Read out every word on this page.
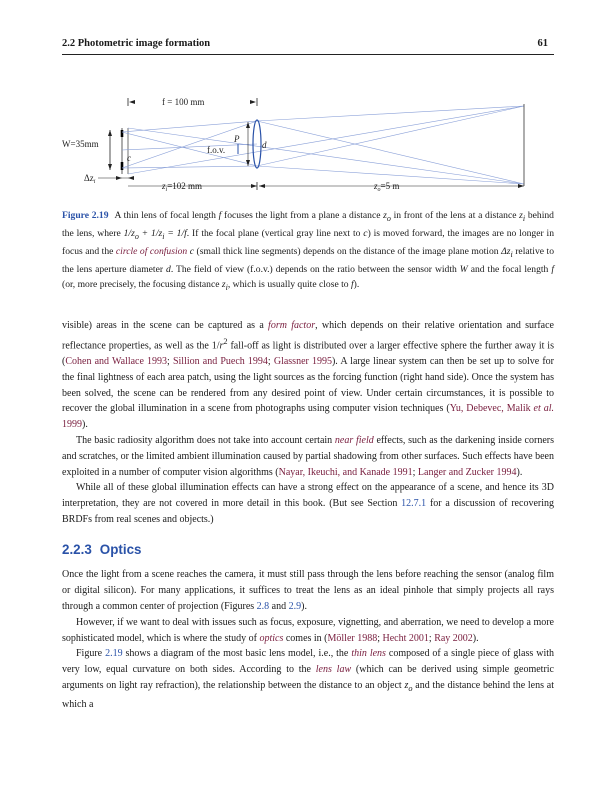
2.2 Photometric image formation	61
f = 100 mm
W=35mm
c
f.o.v.
P
d
$\Delta z_i$	$z_i=102$ mm	$z_o=5$ m
Figure 2.19 A thin lens of focal length f focuses the light from a plane a distance $z_o$ in front of the lens at a distance $z_i$ behind the lens, where $1/z_o + 1/z_i = 1/f$. If the focal plane (vertical gray line next to c) is moved forward, the images are no longer in focus and the circle of confusion c (small thick line segments) depends on the distance of the image plane motion $\Delta z_i$ relative to the lens aperture diameter d. The field of view (f.o.v.) depends on the ratio between the sensor width W and the focal length f (or, more precisely, the focusing distance $z_i$, which is usually quite close to f).

visible) areas in the scene can be captured as a form factor, which depends on their relative orientation and surface reflectance properties, as well as the $1/r^2$ fall-off as light is distributed over a larger effective sphere the further away it is (Cohen and Wallace 1993; Sillion and Puech 1994; Glassner 1995). A large linear system can then be set up to solve for the final lightness of each area patch, using the light sources as the forcing function (right hand side). Once the system has been solved, the scene can be rendered from any desired point of view. Under certain circumstances, it is possible to recover the global illumination in a scene from photographs using computer vision techniques (Yu, Debevec, Malik et al. 1999).

The basic radiosity algorithm does not take into account certain near field effects, such as the darkening inside corners and scratches, or the limited ambient illumination caused by partial shadowing from other surfaces. Such effects have been exploited in a number of computer vision algorithms (Nayar, Ikeuchi, and Kanade 1991; Langer and Zucker 1994).

While all of these global illumination effects can have a strong effect on the appearance of a scene, and hence its 3D interpretation, they are not covered in more detail in this book. (But see Section 12.7.1 for a discussion of recovering BRDFs from real scenes and objects.)

2.2.3 Optics

Once the light from a scene reaches the camera, it must still pass through the lens before reaching the sensor (analog film or digital silicon). For many applications, it suffices to treat the lens as an ideal pinhole that simply projects all rays through a common center of projection (Figures 2.8 and 2.9).

However, if we want to deal with issues such as focus, exposure, vignetting, and aberration, we need to develop a more sophisticated model, which is where the study of optics comes in (Möller 1988; Hecht 2001; Ray 2002).

Figure 2.19 shows a diagram of the most basic lens model, i.e., the thin lens composed of a single piece of glass with very low, equal curvature on both sides. According to the lens law (which can be derived using simple geometric arguments on light ray refraction), the relationship between the distance to an object $z_o$ and the distance behind the lens at which a
